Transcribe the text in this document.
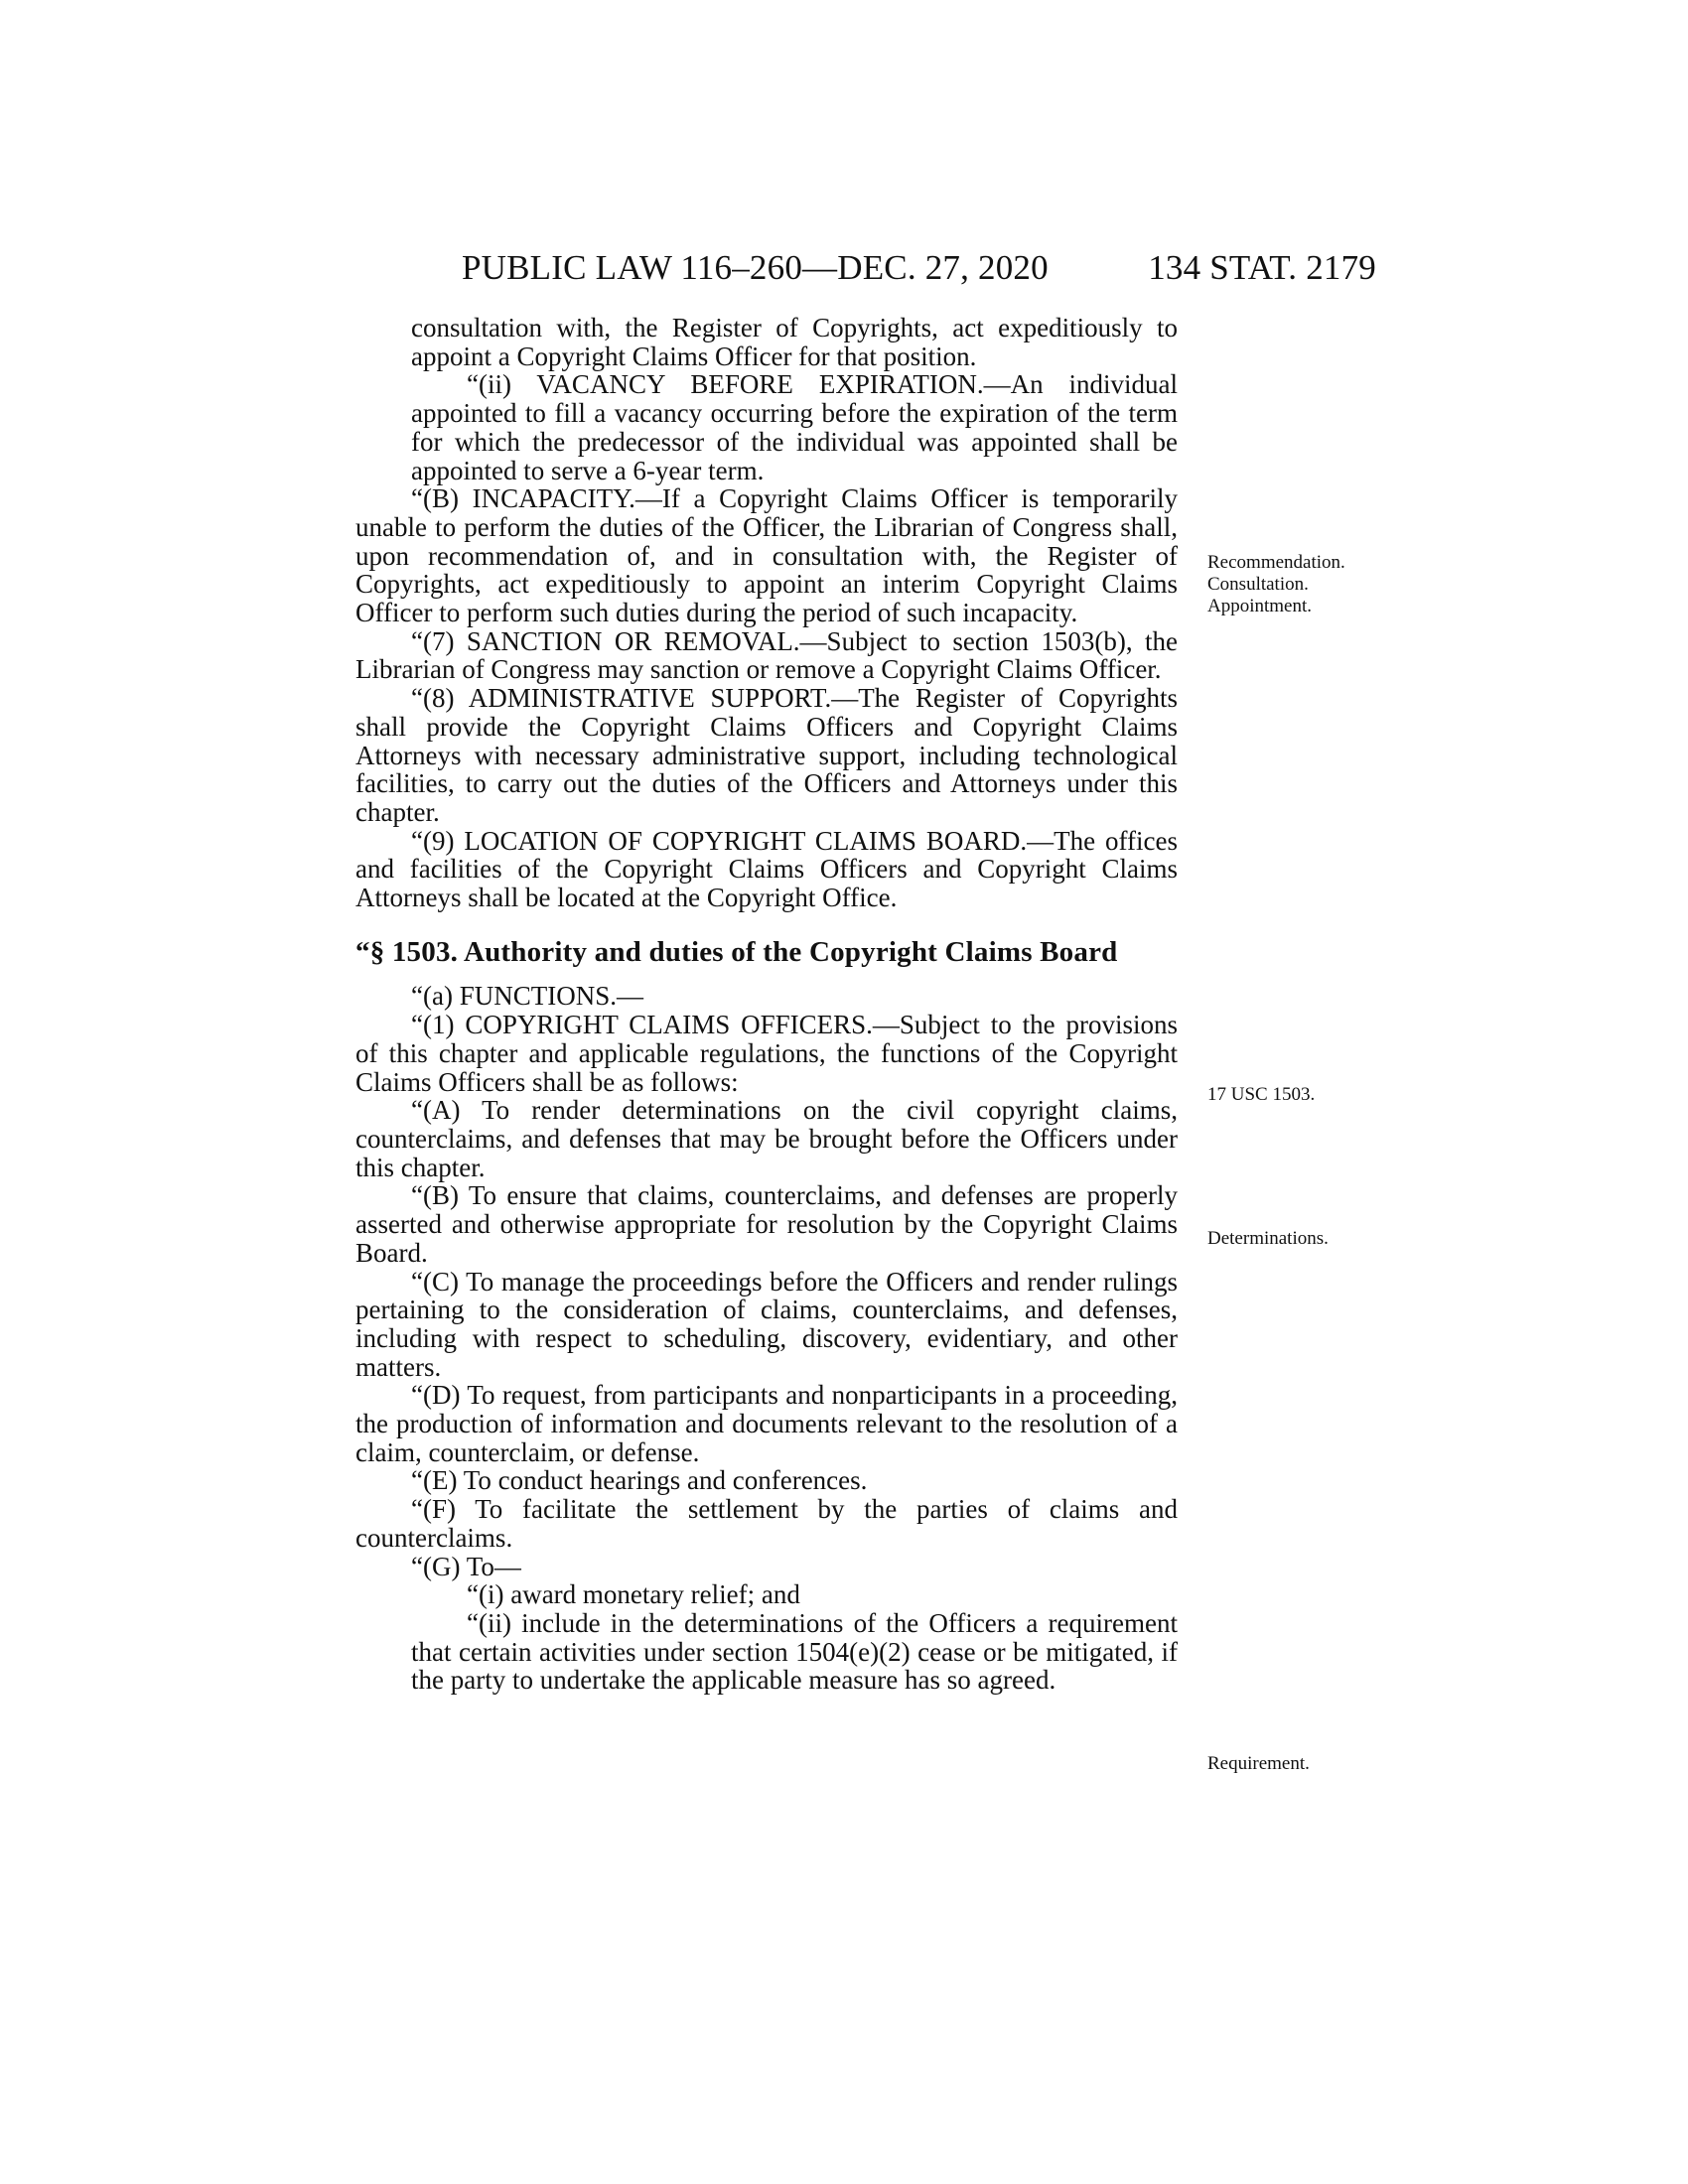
PUBLIC LAW 116–260—DEC. 27, 2020	134 STAT. 2179

consultation with, the Register of Copyrights, act expeditiously to appoint a Copyright Claims Officer for that position.

“(ii) VACANCY BEFORE EXPIRATION.—An individual appointed to fill a vacancy occurring before the expiration of the term for which the predecessor of the individual was appointed shall be appointed to serve a 6-year term.

“(B) INCAPACITY.—If a Copyright Claims Officer is temporarily unable to perform the duties of the Officer, the Librarian of Congress shall, upon recommendation of, and in consultation with, the Register of Copyrights, act expeditiously to appoint an interim Copyright Claims Officer to perform such duties during the period of such incapacity.

“(7) SANCTION OR REMOVAL.—Subject to section 1503(b), the Librarian of Congress may sanction or remove a Copyright Claims Officer.

“(8) ADMINISTRATIVE SUPPORT.—The Register of Copyrights shall provide the Copyright Claims Officers and Copyright Claims Attorneys with necessary administrative support, including technological facilities, to carry out the duties of the Officers and Attorneys under this chapter.

“(9) LOCATION OF COPYRIGHT CLAIMS BOARD.—The offices and facilities of the Copyright Claims Officers and Copyright Claims Attorneys shall be located at the Copyright Office.

“§ 1503. Authority and duties of the Copyright Claims Board

“(a) FUNCTIONS.—

“(1) COPYRIGHT CLAIMS OFFICERS.—Subject to the provisions of this chapter and applicable regulations, the functions of the Copyright Claims Officers shall be as follows:

“(A) To render determinations on the civil copyright claims, counterclaims, and defenses that may be brought before the Officers under this chapter.

“(B) To ensure that claims, counterclaims, and defenses are properly asserted and otherwise appropriate for resolution by the Copyright Claims Board.

“(C) To manage the proceedings before the Officers and render rulings pertaining to the consideration of claims, counterclaims, and defenses, including with respect to scheduling, discovery, evidentiary, and other matters.

“(D) To request, from participants and nonparticipants in a proceeding, the production of information and documents relevant to the resolution of a claim, counterclaim, or defense.

“(E) To conduct hearings and conferences.

“(F) To facilitate the settlement by the parties of claims and counterclaims.

“(G) To—

“(i) award monetary relief; and

“(ii) include in the determinations of the Officers a requirement that certain activities under section 1504(e)(2) cease or be mitigated, if the party to undertake the applicable measure has so agreed.

Recommendation. Consultation. Appointment.
17 USC 1503.
Determinations.
Requirement.
